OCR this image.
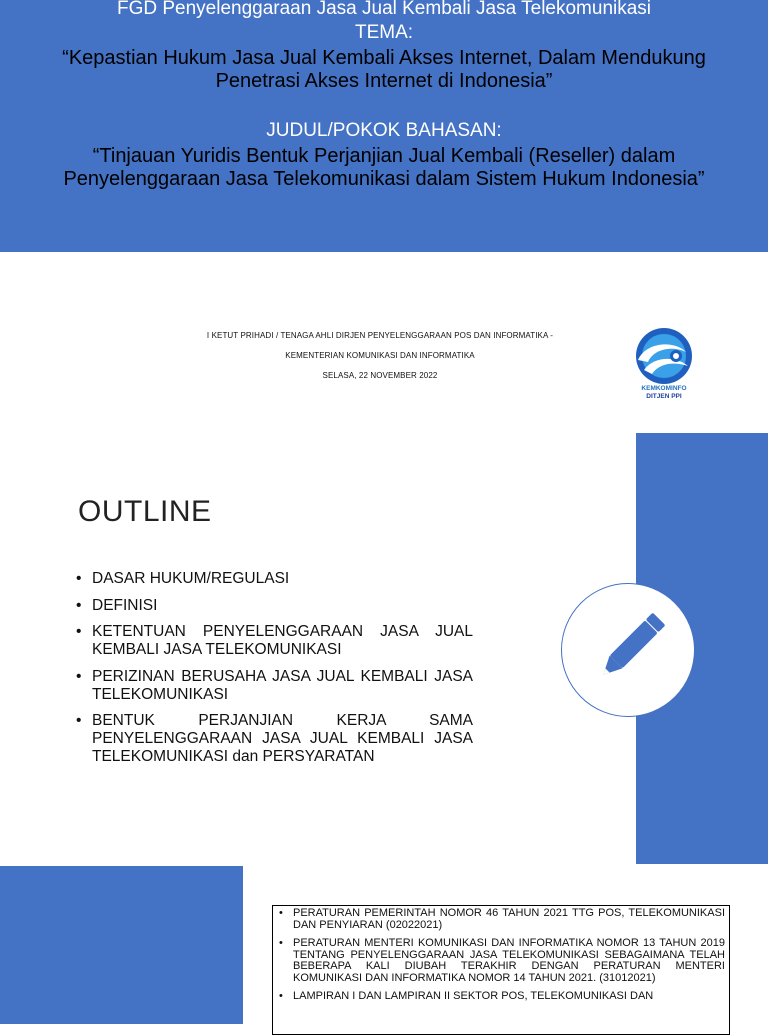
FGD Penyelenggaraan Jasa Jual Kembali Jasa Telekomunikasi
TEMA:
“Kepastian Hukum Jasa Jual Kembali Akses Internet, Dalam Mendukung Penetrasi Akses Internet di Indonesia”
JUDUL/POKOK BAHASAN:
“Tinjauan Yuridis Bentuk Perjanjian Jual Kembali (Reseller) dalam Penyelenggaraan Jasa Telekomunikasi dalam Sistem Hukum Indonesia”
I KETUT PRIHADI / TENAGA AHLI DIRJEN PENYELENGGARAAN POS DAN INFORMATIKA -
KEMENTERIAN KOMUNIKASI DAN INFORMATIKA
SELASA, 22 NOVEMBER 2022
KEMKOMINFO
DITJEN PPI
OUTLINE
• DASAR HUKUM/REGULASI
• DEFINISI
• KETENTUAN PENYELENGGARAAN JASA JUAL KEMBALI JASA TELEKOMUNIKASI
• PERIZINAN BERUSAHA JASA JUAL KEMBALI JASA TELEKOMUNIKASI
• BENTUK PERJANJIAN KERJA SAMA PENYELENGGARAAN JASA JUAL KEMBALI JASA TELEKOMUNIKASI dan PERSYARATAN
• PERATURAN PEMERINTAH NOMOR 46 TAHUN 2021 TTG POS, TELEKOMUNIKASI DAN PENYIARAN (02022021)
• PERATURAN MENTERI KOMUNIKASI DAN INFORMATIKA NOMOR 13 TAHUN 2019 TENTANG PENYELENGGARAAN JASA TELEKOMUNIKASI SEBAGAIMANA TELAH BEBERAPA KALI DIUBAH TERAKHIR DENGAN PERATURAN MENTERI KOMUNIKASI DAN INFORMATIKA NOMOR 14 TAHUN 2021. (31012021)
• LAMPIRAN I DAN LAMPIRAN II SEKTOR POS, TELEKOMUNIKASI DAN
